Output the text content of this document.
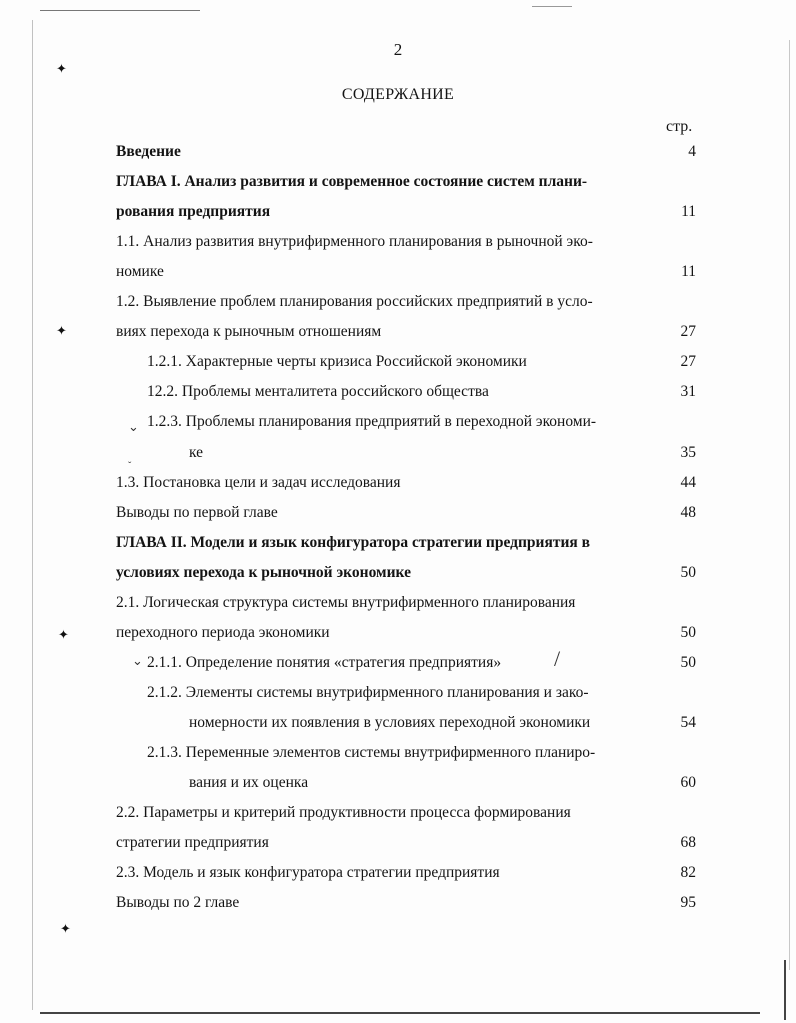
✦
✦
✦
✦
⌄
ˇ
⌄	/
2
СОДЕРЖАНИЕ
стр.
Введение	4
ГЛАВА I. Анализ развития и современное состояние систем плани-
рования предприятия	11
1.1. Анализ развития внутрифирменного планирования в рыночной эко-
номике	11
1.2. Выявление проблем планирования российских предприятий в усло-
виях перехода к рыночным отношениям	27
1.2.1. Характерные черты кризиса Российской экономики	27
12.2. Проблемы менталитета российского общества	31
1.2.3. Проблемы планирования предприятий в переходной экономи-
ке	35
1.3. Постановка цели и задач исследования	44
Выводы по первой главе	48
ГЛАВА II. Модели и язык конфигуратора стратегии предприятия в
условиях перехода к рыночной экономике	50
2.1. Логическая структура системы внутрифирменного планирования
переходного периода экономики	50
2.1.1. Определение понятия «стратегия предприятия»	50
2.1.2. Элементы системы внутрифирменного планирования и зако-
номерности их появления в условиях переходной экономики	54
2.1.3. Переменные элементов системы внутрифирменного планиро-
вания и их оценка	60
2.2. Параметры и критерий продуктивности процесса формирования
стратегии предприятия	68
2.3. Модель и язык конфигуратора стратегии предприятия	82
Выводы по 2 главе	95
